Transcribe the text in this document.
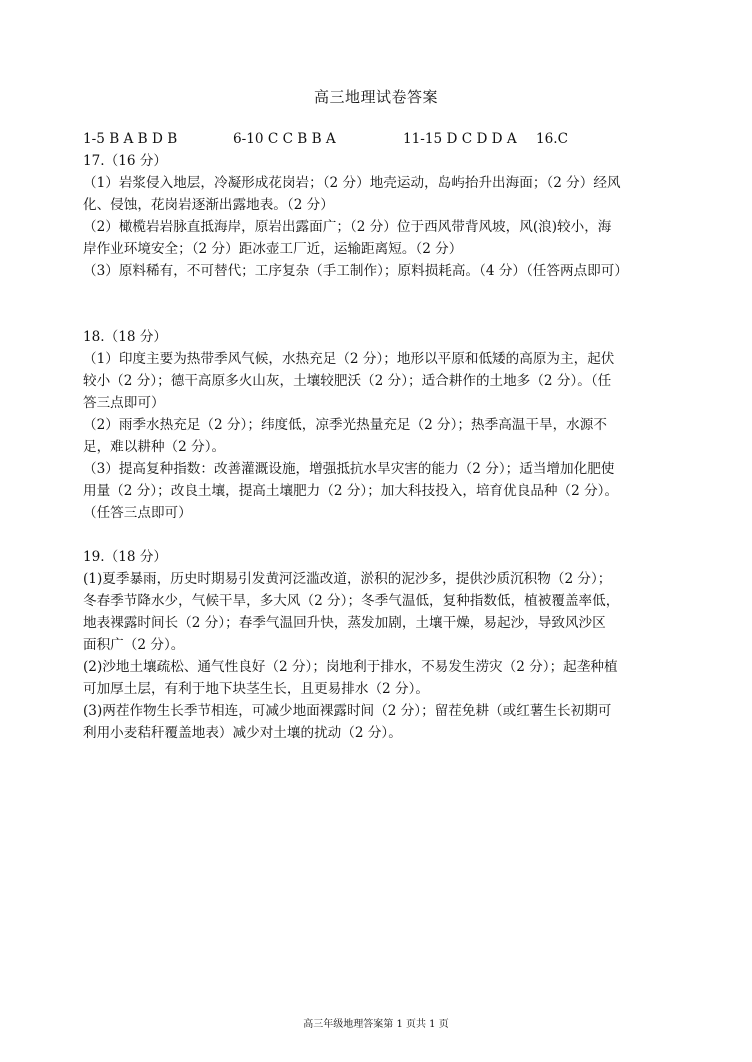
高三地理试卷答案
1-5 B A B D B	6-10 C C B B A	11-15 D C D D A	16.C

17.（16 分）

（1）岩浆侵入地层，冷凝形成花岗岩；（2 分）地壳运动，岛屿抬升出海面；（2 分）经风

化、侵蚀，花岗岩逐渐出露地表。（2 分）

（2）橄榄岩岩脉直抵海岸，原岩出露面广；（2 分）位于西风带背风坡，风(浪)较小，海

岸作业环境安全；（2 分）距冰壶工厂近，运输距离短。（2 分）

（3）原料稀有，不可替代；工序复杂（手工制作）；原料损耗高。（4 分）（任答两点即可）

18.（18 分）

（1）印度主要为热带季风气候，水热充足（2 分）；地形以平原和低矮的高原为主，起伏

较小（2 分）；德干高原多火山灰，土壤较肥沃（2 分）；适合耕作的土地多（2 分）。（任

答三点即可）

（2）雨季水热充足（2 分）；纬度低，凉季光热量充足（2 分）；热季高温干旱，水源不

足，难以耕种（2 分）。

（3）提高复种指数：改善灌溉设施，增强抵抗水旱灾害的能力（2 分）；适当增加化肥使

用量（2 分）；改良土壤，提高土壤肥力（2 分）；加大科技投入，培育优良品种（2 分）。

（任答三点即可）

19.（18 分）

(1)夏季暴雨，历史时期易引发黄河泛滥改道，淤积的泥沙多，提供沙质沉积物（2 分）；

冬春季节降水少，气候干旱，多大风（2 分）；冬季气温低，复种指数低，植被覆盖率低，

地表裸露时间长（2 分）；春季气温回升快，蒸发加剧，土壤干燥，易起沙，导致风沙区

面积广（2 分）。

(2)沙地土壤疏松、通气性良好（2 分）；岗地利于排水，不易发生涝灾（2 分）；起垄种植

可加厚土层，有利于地下块茎生长，且更易排水（2 分）。

(3)两茬作物生长季节相连，可减少地面裸露时间（2 分）；留茬免耕（或红薯生长初期可

利用小麦秸秆覆盖地表）减少对土壤的扰动（2 分）。

高三年级地理答案第 1 页共 1 页
